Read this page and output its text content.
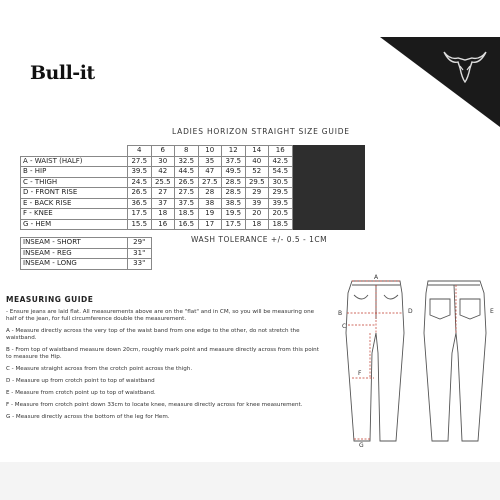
Bull-it
LADIES HORIZON STRAIGHT SIZE GUIDE
	4	6	8	10	12	14	16			
A - WAIST (HALF)	27.5	30	32.5	35	37.5	40	42.5			
B - HIP	39.5	42	44.5	47	49.5	52	54.5			
C - THIGH	24.5	25.5	26.5	27.5	28.5	29.5	30.5			
D - FRONT RISE	26.5	27	27.5	28	28.5	29	29.5			
E - BACK RISE	36.5	37	37.5	38	38.5	39	39.5			
F - KNEE	17.5	18	18.5	19	19.5	20	20.5			
G - HEM	15.5	16	16.5	17	17.5	18	18.5			
WASH TOLERANCE +/- 0.5 - 1CM
INSEAM - SHORT	29"
INSEAM - REG	31"
INSEAM - LONG	33"
MEASURING GUIDE
- Ensure jeans are laid flat. All measurements above are on the "flat" and in CM, so you will be measuring one half of the jean, for full circumference double the measurement.
A - Measure directly across the very top of the waist band from one edge to the other, do not stretch the waistband.
B - From top of waistband measure down 20cm, roughly mark point and measure directly across from this point to measure the Hip.
C - Measure straight across from the crotch point across the thigh.
D - Measure up from crotch point to top of waistband
E - Measure from crotch point up to top of waistband.
F - Measure from crotch point down 33cm to locate knee, measure directly across for knee measurement.
G - Measure directly across the bottom of the leg for Hem.
A
B
C
D
F
G
E
